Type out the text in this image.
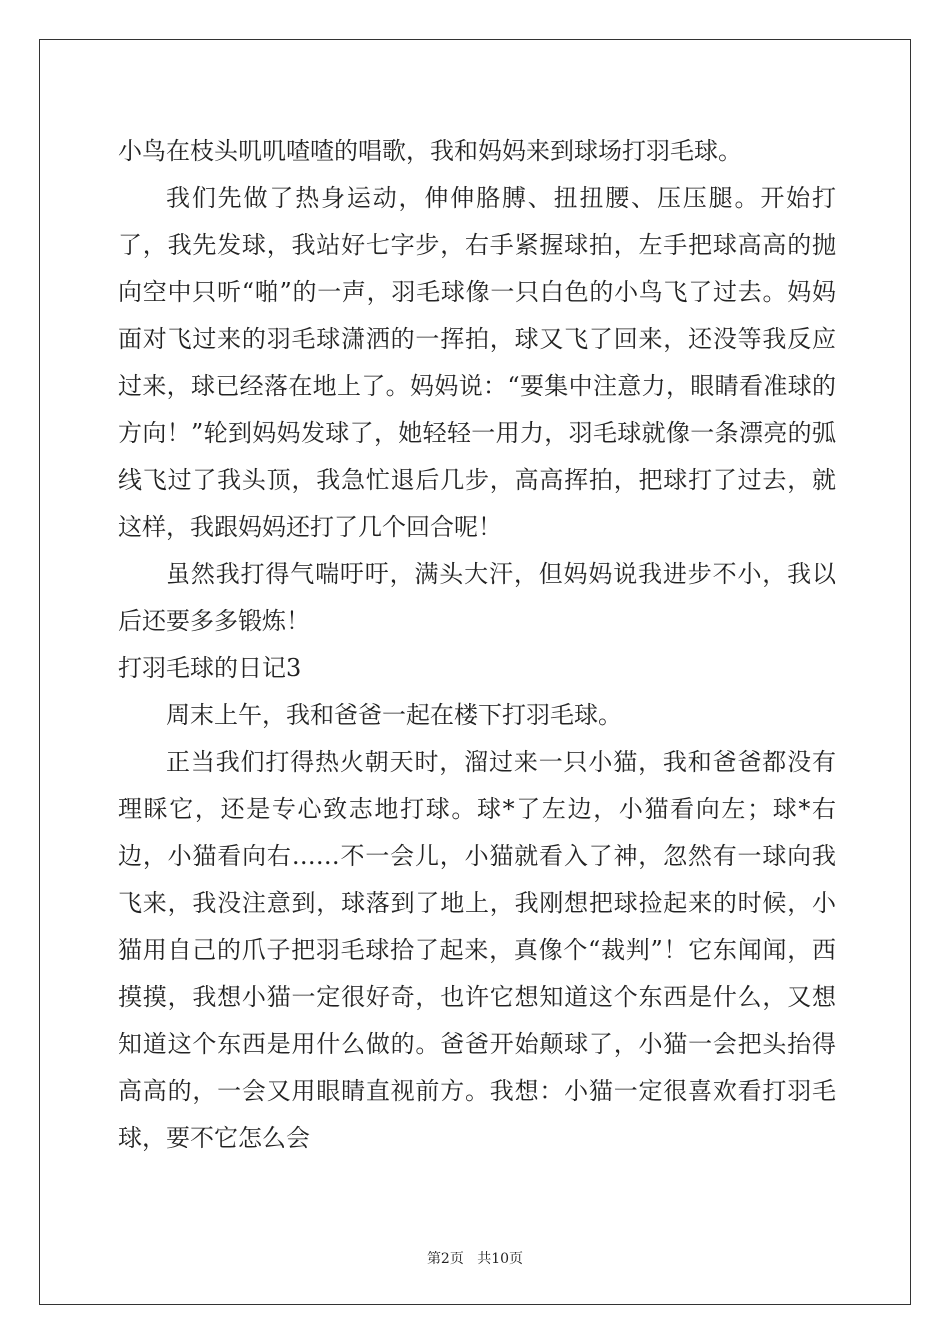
小鸟在枝头叽叽喳喳的唱歌，我和妈妈来到球场打羽毛球。

我们先做了热身运动，伸伸胳膊、扭扭腰、压压腿。开始打了，我先发球，我站好七字步，右手紧握球拍，左手把球高高的抛向空中只听“啪”的一声，羽毛球像一只白色的小鸟飞了过去。妈妈面对飞过来的羽毛球潇洒的一挥拍，球又飞了回来，还没等我反应过来，球已经落在地上了。妈妈说：“要集中注意力，眼睛看准球的方向！”轮到妈妈发球了，她轻轻一用力，羽毛球就像一条漂亮的弧线飞过了我头顶，我急忙退后几步，高高挥拍，把球打了过去，就这样，我跟妈妈还打了几个回合呢！

虽然我打得气喘吁吁，满头大汗，但妈妈说我进步不小，我以后还要多多锻炼！

打羽毛球的日记3

周末上午，我和爸爸一起在楼下打羽毛球。

正当我们打得热火朝天时，溜过来一只小猫，我和爸爸都没有理睬它，还是专心致志地打球。球*了左边，小猫看向左；球*右边，小猫看向右……不一会儿，小猫就看入了神，忽然有一球向我飞来，我没注意到，球落到了地上，我刚想把球捡起来的时候，小猫用自己的爪子把羽毛球拾了起来，真像个“裁判”！它东闻闻，西摸摸，我想小猫一定很好奇，也许它想知道这个东西是什么，又想知道这个东西是用什么做的。爸爸开始颠球了，小猫一会把头抬得高高的，一会又用眼睛直视前方。我想：小猫一定很喜欢看打羽毛球，要不它怎么会

第2页 共10页
